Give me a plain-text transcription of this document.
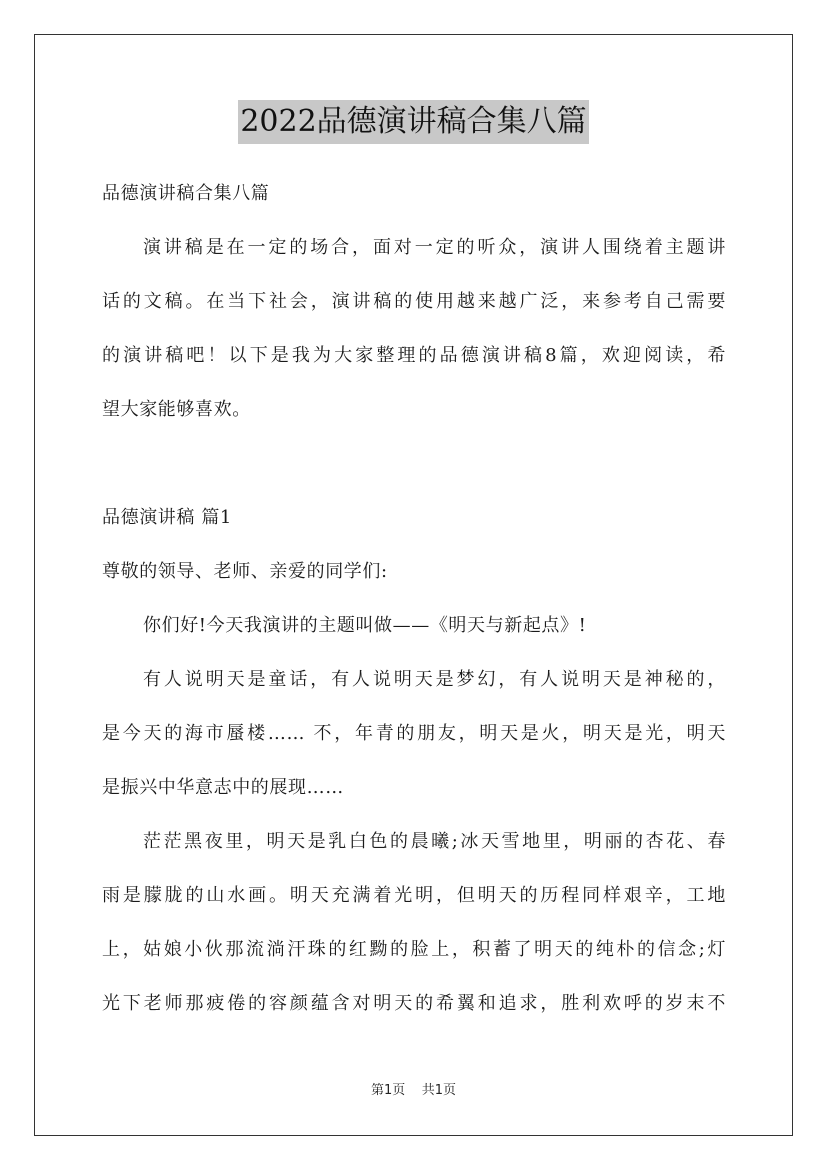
2022品德演讲稿合集八篇
品德演讲稿合集八篇
演讲稿是在一定的场合，面对一定的听众，演讲人围绕着主题讲
话的文稿。在当下社会，演讲稿的使用越来越广泛，来参考自己需要
的演讲稿吧！以下是我为大家整理的品德演讲稿8篇，欢迎阅读，希
望大家能够喜欢。
品德演讲稿 篇1
尊敬的领导、老师、亲爱的同学们:
你们好!今天我演讲的主题叫做——《明天与新起点》!
有人说明天是童话，有人说明天是梦幻，有人说明天是神秘的，
是今天的海市蜃楼…… 不，年青的朋友，明天是火，明天是光，明天
是振兴中华意志中的展现……
茫茫黑夜里，明天是乳白色的晨曦;冰天雪地里，明丽的杏花、春
雨是朦胧的山水画。明天充满着光明，但明天的历程同样艰辛，工地
上，姑娘小伙那流淌汗珠的红黝的脸上，积蓄了明天的纯朴的信念;灯
光下老师那疲倦的容颜蕴含对明天的希翼和追求，胜利欢呼的岁末不
第1页 共1页
